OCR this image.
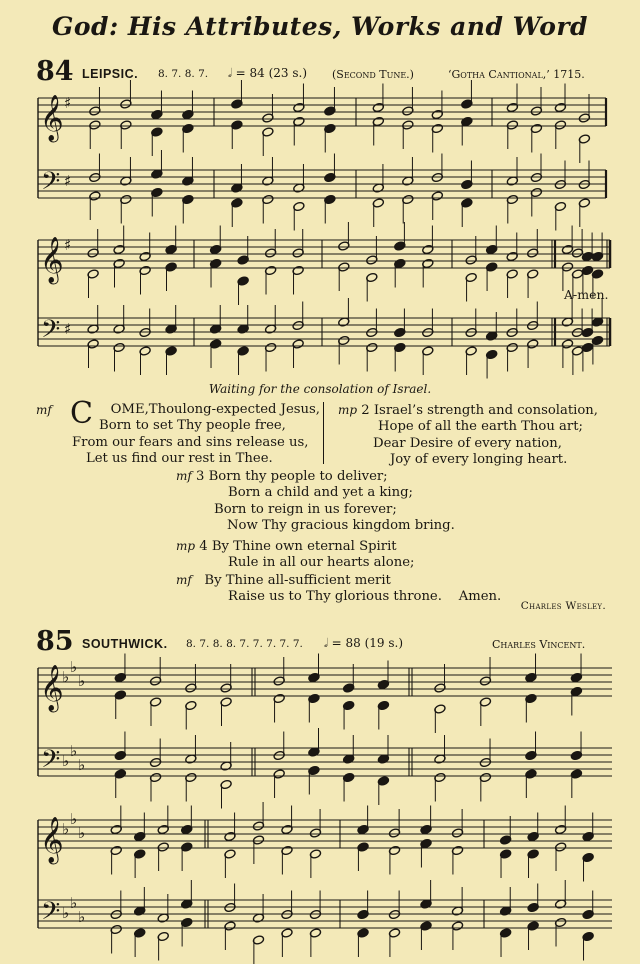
God: His Attributes, Works and Word
84 LEIPSIC. 8. 7. 8. 7. 𝅗𝅥 = 84 (23 s.) (Second Tune.)	‘Gotha Cantional,’ 1715.
𝄞
𝄢
♯
♯
𝄞
𝄢
♯
♯
A-men.
Waiting for the consolation of Israel.
mf C OME,Thoulong-expected Jesus,
Born to set Thy people free,
From our fears and sins release us,
Let us find our rest in Thee.
mp 2 Israel’s strength and consolation,
Hope of all the earth Thou art;
Dear Desire of every nation,
Joy of every longing heart.
mf 3 Born thy people to deliver;
Born a child and yet a king;
Born to reign in us forever;
Now Thy gracious kingdom bring.
mp 4 By Thine own eternal Spirit
Rule in all our hearts alone;
mf By Thine all-sufficient merit
Raise us to Thy glorious throne. Amen.
Charles Wesley.
85 SOUTHWICK. 8. 7. 8. 8. 7. 7. 7. 7. 7. 𝅗𝅥 = 88 (19 s.)	Charles Vincent.
𝄞
𝄢
♭
♭
♭
♭
♭
♭
𝄞
𝄢
♭
♭
♭
♭
♭
♭
